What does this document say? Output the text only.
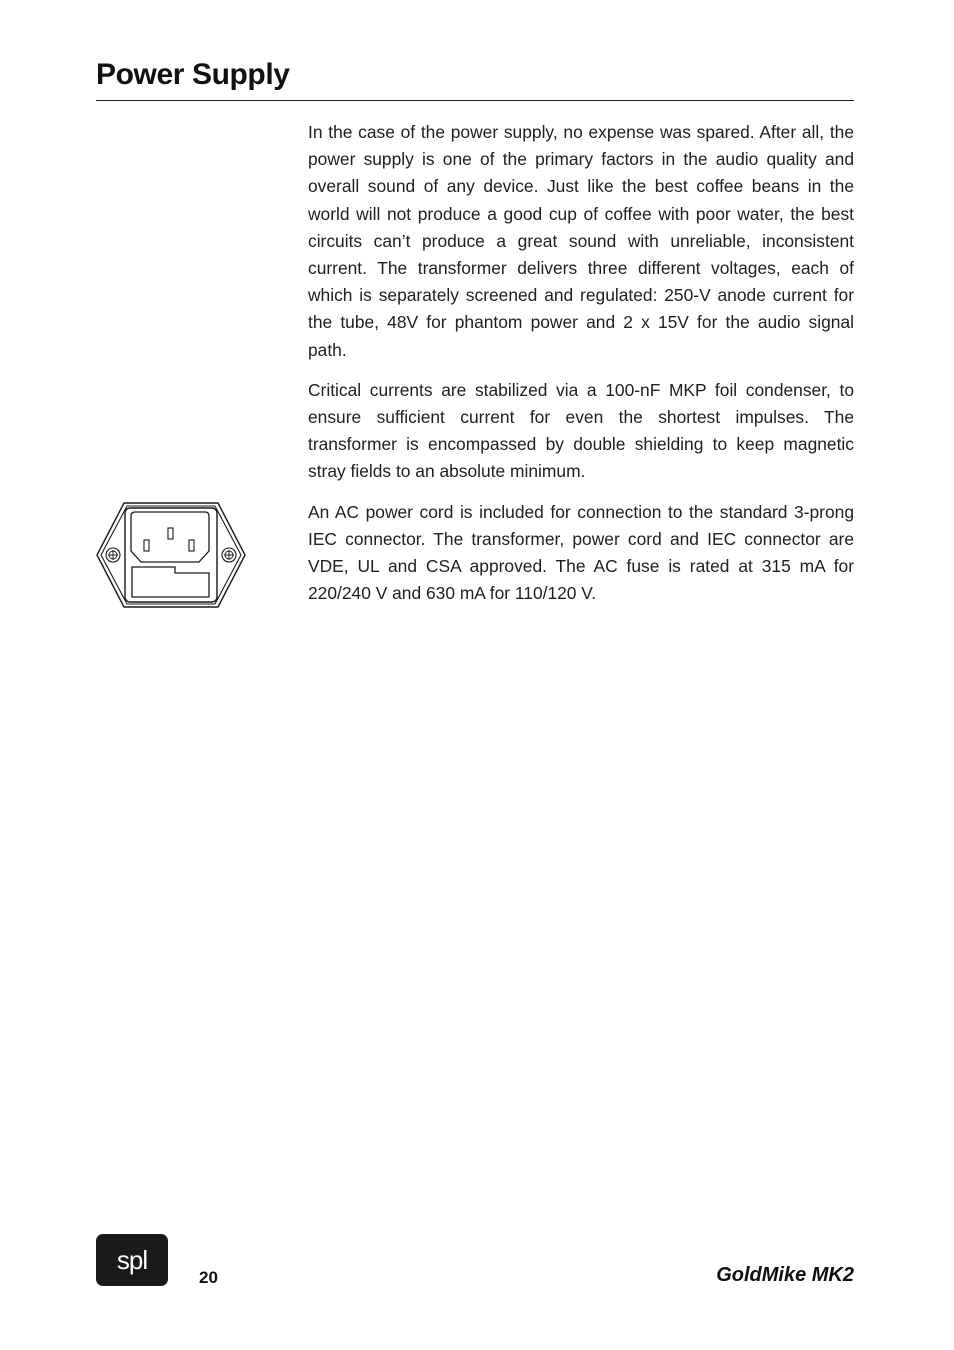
Power Supply

In the case of the power supply, no expense was spared. After all, the power supply is one of the primary factors in the audio quality and overall sound of any device. Just like the best coffee beans in the world will not produce a good cup of coffee with poor water, the best circuits can’t produce a great sound with unreliable, inconsistent current. The transformer delivers three different voltages, each of which is separately screened and regulated: 250-V anode current for the tube, 48V for phantom power and 2 x 15V for the audio signal path.

Critical currents are stabilized via a 100-nF MKP foil condenser, to ensure sufficient current for even the shortest impulses. The transformer is encompassed by double shielding to keep magnetic stray fields to an absolute minimum.

An AC power cord is included for connection to the standard 3-prong IEC connector. The transformer, power cord and IEC connector are VDE, UL and CSA approved. The AC fuse is rated at 315 mA for 220/240 V and 630 mA for 110/120 V.

spl
20	GoldMike MK2
